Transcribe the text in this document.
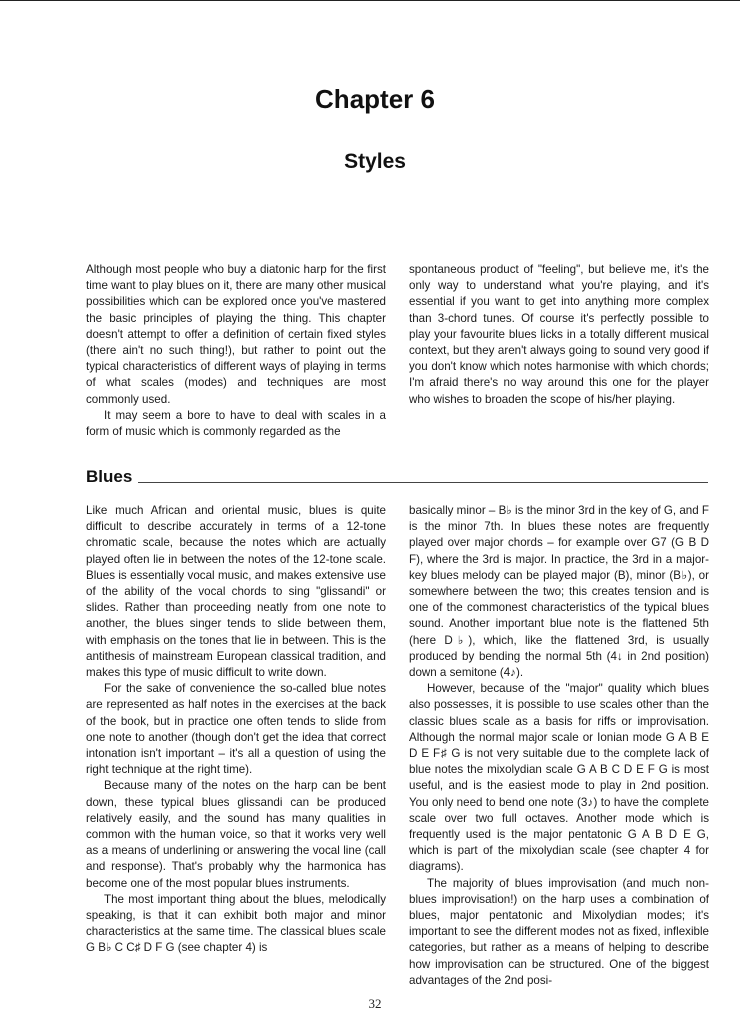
Chapter 6
Styles

Although most people who buy a diatonic harp for the first time want to play blues on it, there are many other musical possibilities which can be explored once you've mastered the basic principles of playing the thing. This chapter doesn't attempt to offer a definition of certain fixed styles (there ain't no such thing!), but rather to point out the typical characteristics of different ways of playing in terms of what scales (modes) and techniques are most commonly used.

It may seem a bore to have to deal with scales in a form of music which is commonly regarded as the

spontaneous product of "feeling", but believe me, it's the only way to understand what you're playing, and it's essential if you want to get into anything more complex than 3-chord tunes. Of course it's perfectly possible to play your favourite blues licks in a totally different musical context, but they aren't always going to sound very good if you don't know which notes harmonise with which chords; I'm afraid there's no way around this one for the player who wishes to broaden the scope of his/her playing.

Blues

Like much African and oriental music, blues is quite difficult to describe accurately in terms of a 12-tone chromatic scale, because the notes which are actually played often lie in between the notes of the 12-tone scale. Blues is essentially vocal music, and makes extensive use of the ability of the vocal chords to sing "glissandi" or slides. Rather than proceeding neatly from one note to another, the blues singer tends to slide between them, with emphasis on the tones that lie in between. This is the antithesis of mainstream European classical tradition, and makes this type of music difficult to write down.

For the sake of convenience the so-called blue notes are represented as half notes in the exercises at the back of the book, but in practice one often tends to slide from one note to another (though don't get the idea that correct intonation isn't important – it's all a question of using the right technique at the right time).

Because many of the notes on the harp can be bent down, these typical blues glissandi can be produced relatively easily, and the sound has many qualities in common with the human voice, so that it works very well as a means of underlining or answering the vocal line (call and response). That's probably why the harmonica has become one of the most popular blues instruments.

The most important thing about the blues, melodically speaking, is that it can exhibit both major and minor characteristics at the same time. The classical blues scale G B♭ C C♯ D F G (see chapter 4) is

basically minor – B♭ is the minor 3rd in the key of G, and F is the minor 7th. In blues these notes are frequently played over major chords – for example over G7 (G B D F), where the 3rd is major. In practice, the 3rd in a major-key blues melody can be played major (B), minor (B♭), or somewhere between the two; this creates tension and is one of the commonest characteristics of the typical blues sound. Another important blue note is the flattened 5th (here D♭), which, like the flattened 3rd, is usually produced by bending the normal 5th (4↓ in 2nd position) down a semitone (4♪).

However, because of the "major" quality which blues also possesses, it is possible to use scales other than the classic blues scale as a basis for riffs or improvisation. Although the normal major scale or Ionian mode G A B E D E F♯ G is not very suitable due to the complete lack of blue notes the mixolydian scale G A B C D E F G is most useful, and is the easiest mode to play in 2nd position. You only need to bend one note (3♪) to have the complete scale over two full octaves. Another mode which is frequently used is the major pentatonic G A B D E G, which is part of the mixolydian scale (see chapter 4 for diagrams).

The majority of blues improvisation (and much non-blues improvisation!) on the harp uses a combination of blues, major pentatonic and Mixolydian modes; it's important to see the different modes not as fixed, inflexible categories, but rather as a means of helping to describe how improvisation can be structured. One of the biggest advantages of the 2nd posi-

32
